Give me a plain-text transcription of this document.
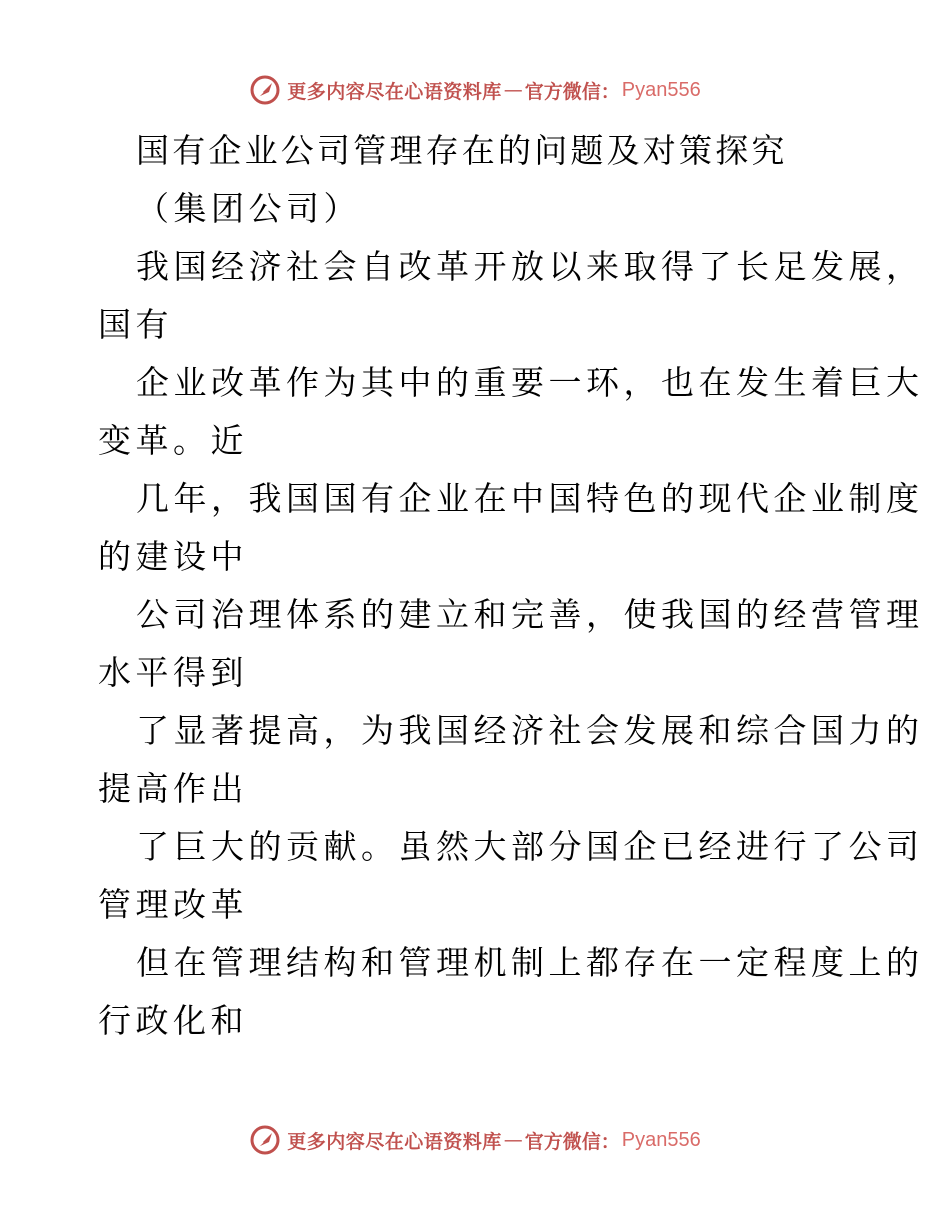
更多内容尽在心语资料库 — 官方微信： Pyan556
国有企业公司管理存在的问题及对策探究
（集团公司）
我国经济社会自改革开放以来取得了长足发展，
国有
企业改革作为其中的重要一环，也在发生着巨大
变革。近
几年，我国国有企业在中国特色的现代企业制度
的建设中
公司治理体系的建立和完善，使我国的经营管理
水平得到
了显著提高，为我国经济社会发展和综合国力的
提高作出
了巨大的贡献。虽然大部分国企已经进行了公司
管理改革
但在管理结构和管理机制上都存在一定程度上的
行政化和
更多内容尽在心语资料库 — 官方微信： Pyan556
